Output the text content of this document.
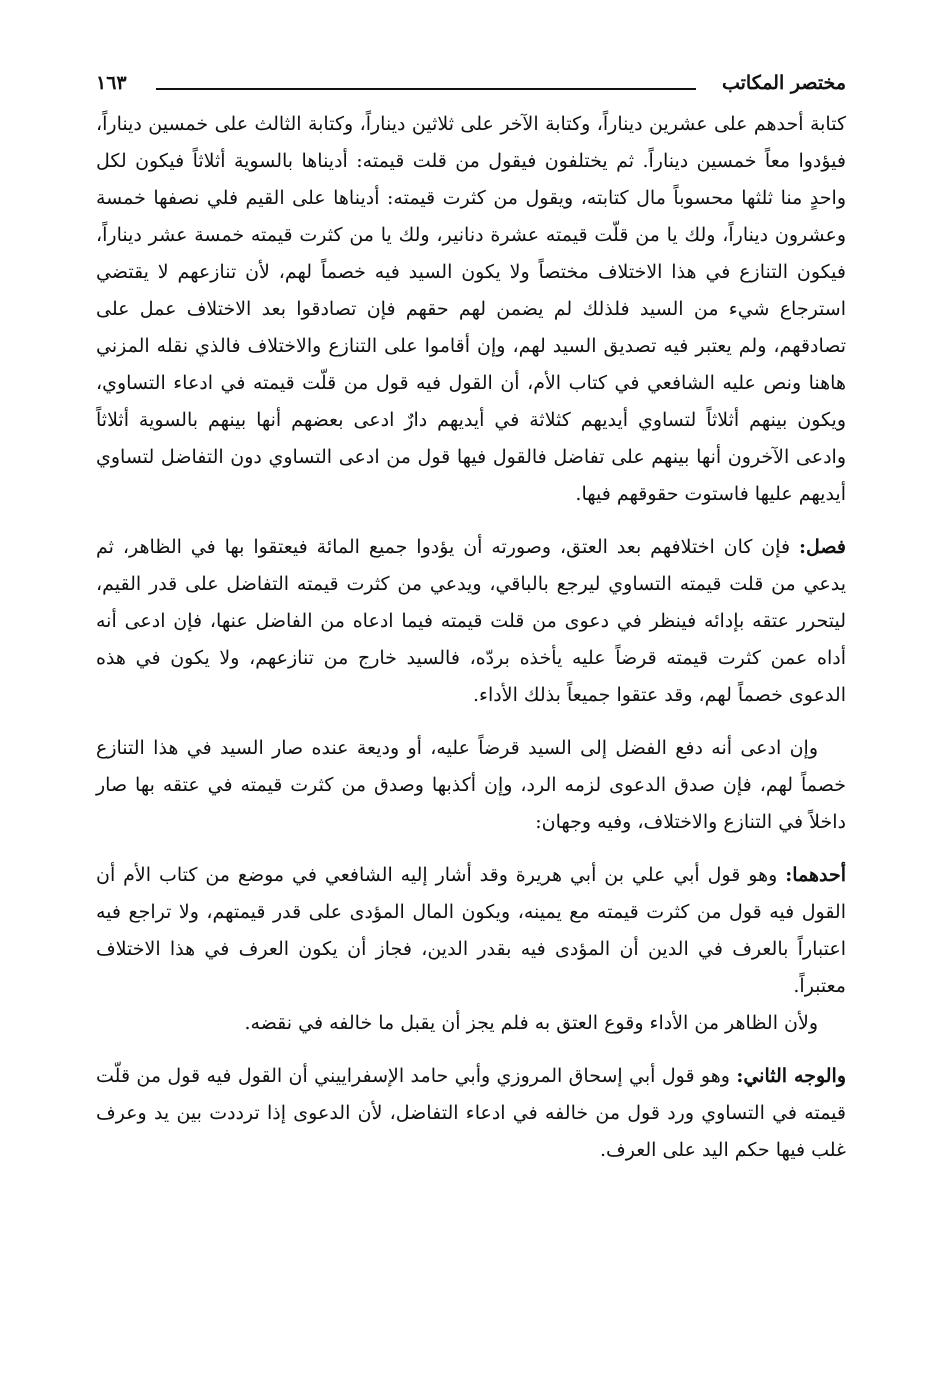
مختصر المكاتب
١٦٣

كتابة أحدهم على عشرين ديناراً، وكتابة الآخر على ثلاثين ديناراً، وكتابة الثالث على خمسين ديناراً، فيؤدوا معاً خمسين ديناراً. ثم يختلفون فيقول من قلت قيمته: أديناها بالسوية أثلاثاً فيكون لكل واحدٍ منا ثلثها محسوباً مال كتابته، ويقول من كثرت قيمته: أديناها على القيم فلي نصفها خمسة وعشرون ديناراً، ولك يا من قلّت قيمته عشرة دنانير، ولك يا من كثرت قيمته خمسة عشر ديناراً، فيكون التنازع في هذا الاختلاف مختصاً ولا يكون السيد فيه خصماً لهم، لأن تنازعهم لا يقتضي استرجاع شيء من السيد فلذلك لم يضمن لهم حقهم فإن تصادقوا بعد الاختلاف عمل على تصادقهم، ولم يعتبر فيه تصديق السيد لهم، وإن أقاموا على التنازع والاختلاف فالذي نقله المزني هاهنا ونص عليه الشافعي في كتاب الأم، أن القول فيه قول من قلّت قيمته في ادعاء التساوي، ويكون بينهم أثلاثاً لتساوي أيديهم كثلاثة في أيديهم دارٌ ادعى بعضهم أنها بينهم بالسوية أثلاثاً وادعى الآخرون أنها بينهم على تفاضل فالقول فيها قول من ادعى التساوي دون التفاضل لتساوي أيديهم عليها فاستوت حقوقهم فيها.

فصل: فإن كان اختلافهم بعد العتق، وصورته أن يؤدوا جميع المائة فيعتقوا بها في الظاهر، ثم يدعي من قلت قيمته التساوي ليرجع بالباقي، ويدعي من كثرت قيمته التفاضل على قدر القيم، ليتحرر عتقه بإدائه فينظر في دعوى من قلت قيمته فيما ادعاه من الفاضل عنها، فإن ادعى أنه أداه عمن كثرت قيمته قرضاً عليه يأخذه بردّه، فالسيد خارج من تنازعهم، ولا يكون في هذه الدعوى خصماً لهم، وقد عتقوا جميعاً بذلك الأداء.

وإن ادعى أنه دفع الفضل إلى السيد قرضاً عليه، أو وديعة عنده صار السيد في هذا التنازع خصماً لهم، فإن صدق الدعوى لزمه الرد، وإن أكذبها وصدق من كثرت قيمته في عتقه بها صار داخلاً في التنازع والاختلاف، وفيه وجهان:

أحدهما: وهو قول أبي علي بن أبي هريرة وقد أشار إليه الشافعي في موضع من كتاب الأم أن القول فيه قول من كثرت قيمته مع يمينه، ويكون المال المؤدى على قدر قيمتهم، ولا تراجع فيه اعتباراً بالعرف في الدين أن المؤدى فيه بقدر الدين، فجاز أن يكون العرف في هذا الاختلاف معتبراً.

ولأن الظاهر من الأداء وقوع العتق به فلم يجز أن يقبل ما خالفه في نقضه.

والوجه الثاني: وهو قول أبي إسحاق المروزي وأبي حامد الإسفراييني أن القول فيه قول من قلّت قيمته في التساوي ورد قول من خالفه في ادعاء التفاضل، لأن الدعوى إذا ترددت بين يد وعرف غلب فيها حكم اليد على العرف.
